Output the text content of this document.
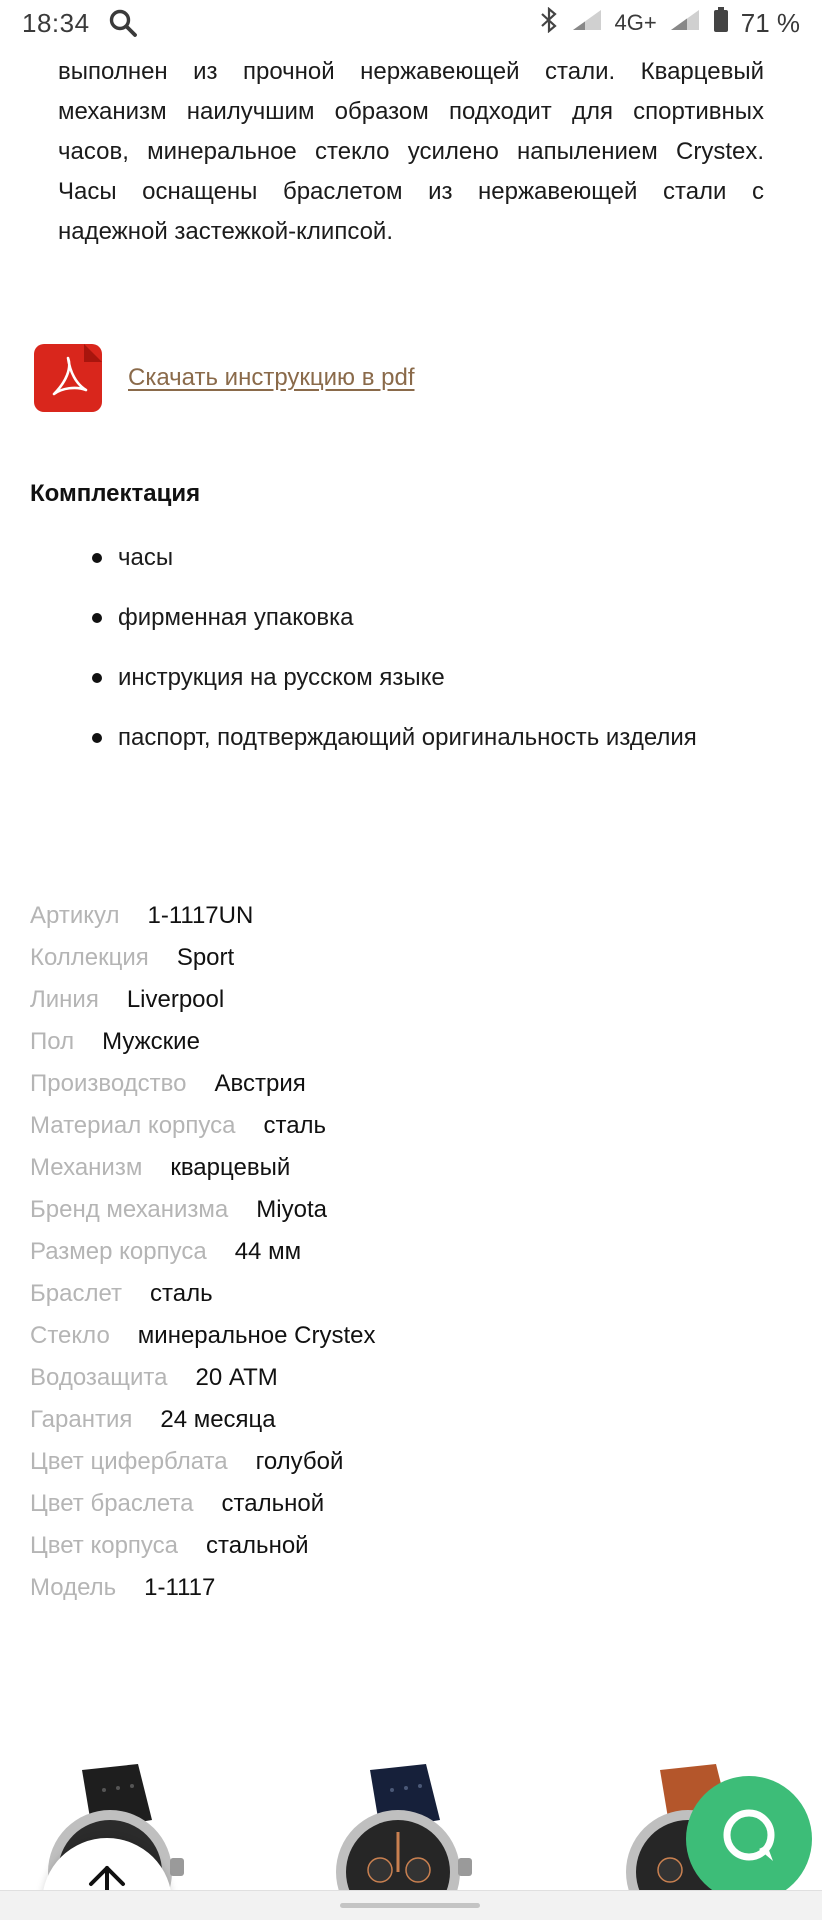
18:34	4G+	71 %

выполнен из прочной нержавеющей стали. Кварцевый механизм наилучшим образом подходит для спортивных часов, минеральное стекло усилено напылением Crystex. Часы оснащены браслетом из нержавеющей стали с надежной застежкой-клипсой.

Скачать инструкцию в pdf
Комплектация
часы
фирменная упаковка
инструкция на русском языке
паспорт, подтверждающий оригинальность изделия
Артикул 1-1117UN
Коллекция Sport
Линия Liverpool
Пол Мужские
Производство Австрия
Материал корпуса сталь
Механизм кварцевый
Бренд механизма Miyota
Размер корпуса 44 мм
Браслет сталь
Стекло минеральное Crystex
Водозащита 20 ATM
Гарантия 24 месяца
Цвет циферблата голубой
Цвет браслета стальной
Цвет корпуса стальной
Модель 1-1117
